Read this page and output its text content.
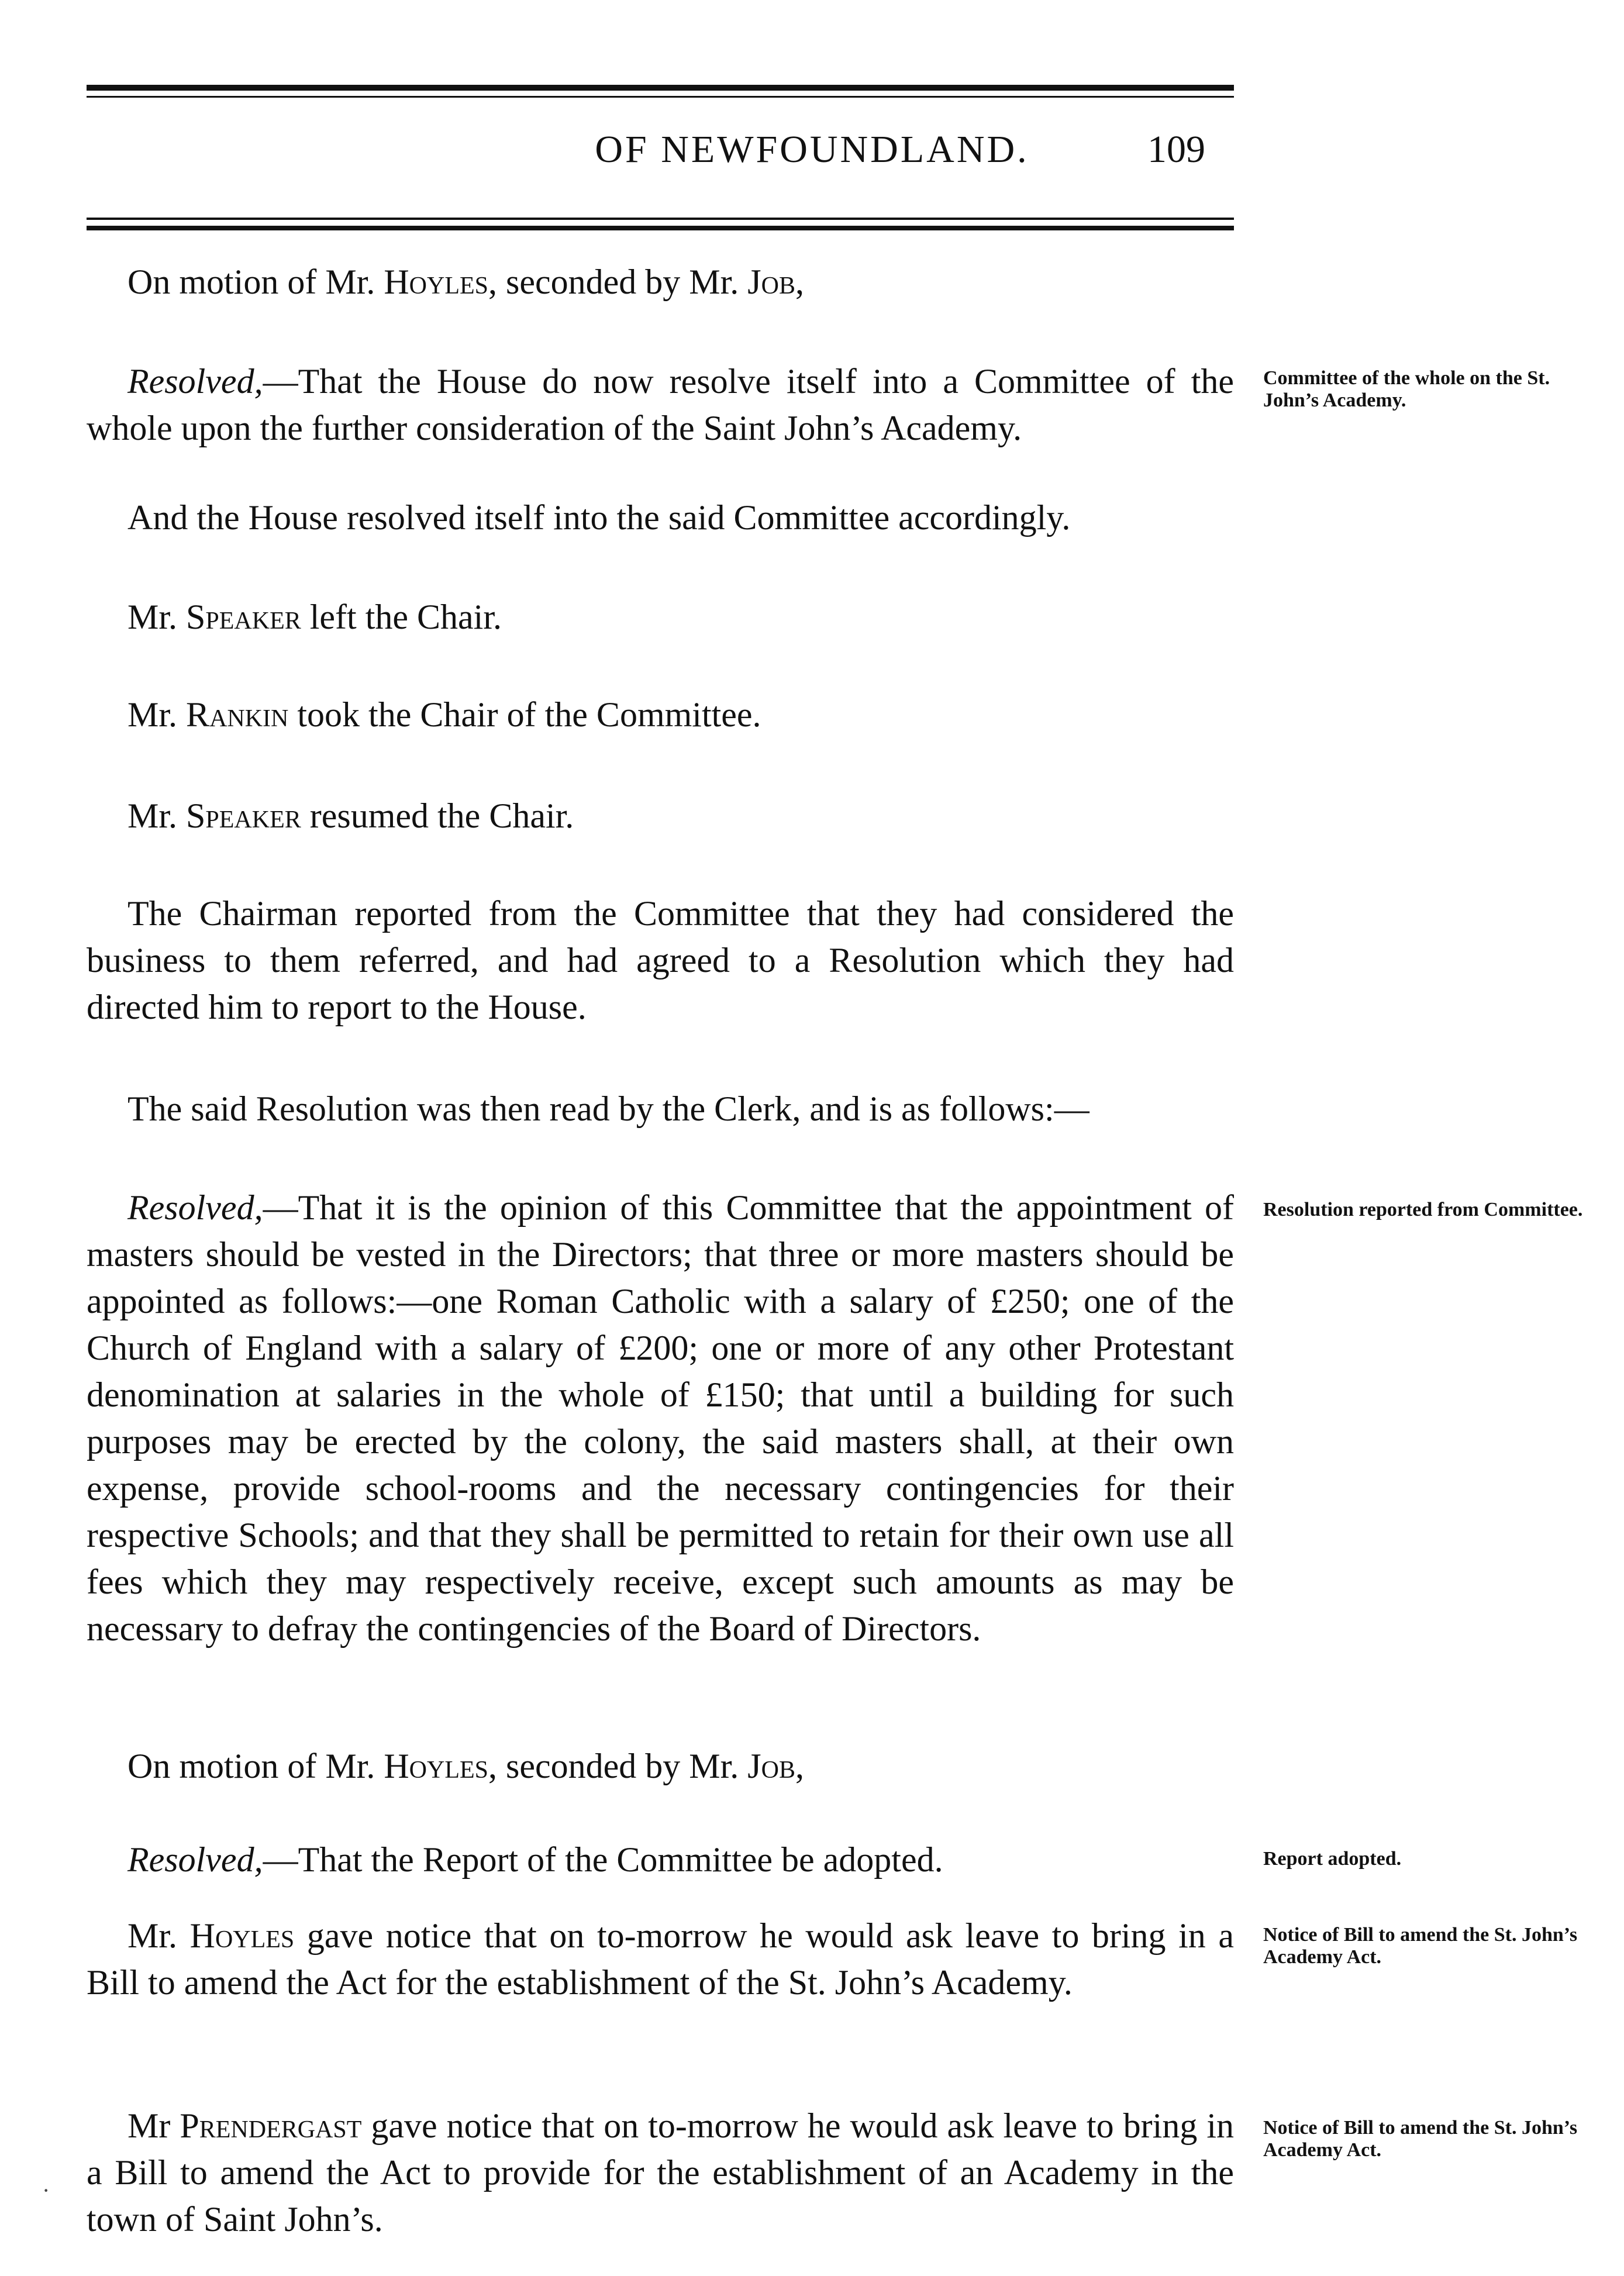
OF NEWFOUNDLAND.	109

On motion of Mr. Hoyles, seconded by Mr. Job,

Resolved,—That the House do now resolve itself into a Committee of the whole upon the further consideration of the Saint John’s Academy.

Committee of the whole on the St. John’s Academy.

And the House resolved itself into the said Committee accordingly.

Mr. Speaker left the Chair.

Mr. Rankin took the Chair of the Committee.

Mr. Speaker resumed the Chair.

The Chairman reported from the Committee that they had considered the business to them referred, and had agreed to a Resolution which they had directed him to report to the House.

The said Resolution was then read by the Clerk, and is as follows:—

Resolved,—That it is the opinion of this Committee that the appointment of masters should be vested in the Directors; that three or more masters should be appointed as follows:—one Roman Catholic with a salary of £250; one of the Church of England with a salary of £200; one or more of any other Protestant denomination at salaries in the whole of £150; that until a building for such purposes may be erected by the colony, the said masters shall, at their own expense, provide school-rooms and the necessary contingencies for their respective Schools; and that they shall be permitted to retain for their own use all fees which they may respectively receive, except such amounts as may be necessary to defray the contingencies of the Board of Directors.

Resolution reported from Committee.

On motion of Mr. Hoyles, seconded by Mr. Job,

Resolved,—That the Report of the Committee be adopted.	Report adopted.

Mr. Hoyles gave notice that on to-morrow he would ask leave to bring in a Bill to amend the Act for the establishment of the St. John’s Academy.

Notice of Bill to amend the St. John’s Academy Act.

Mr Prendergast gave notice that on to-morrow he would ask leave to bring in a Bill to amend the Act to provide for the establishment of an Academy in the town of Saint John’s.

Notice of Bill to amend the St. John’s Academy Act.
·
